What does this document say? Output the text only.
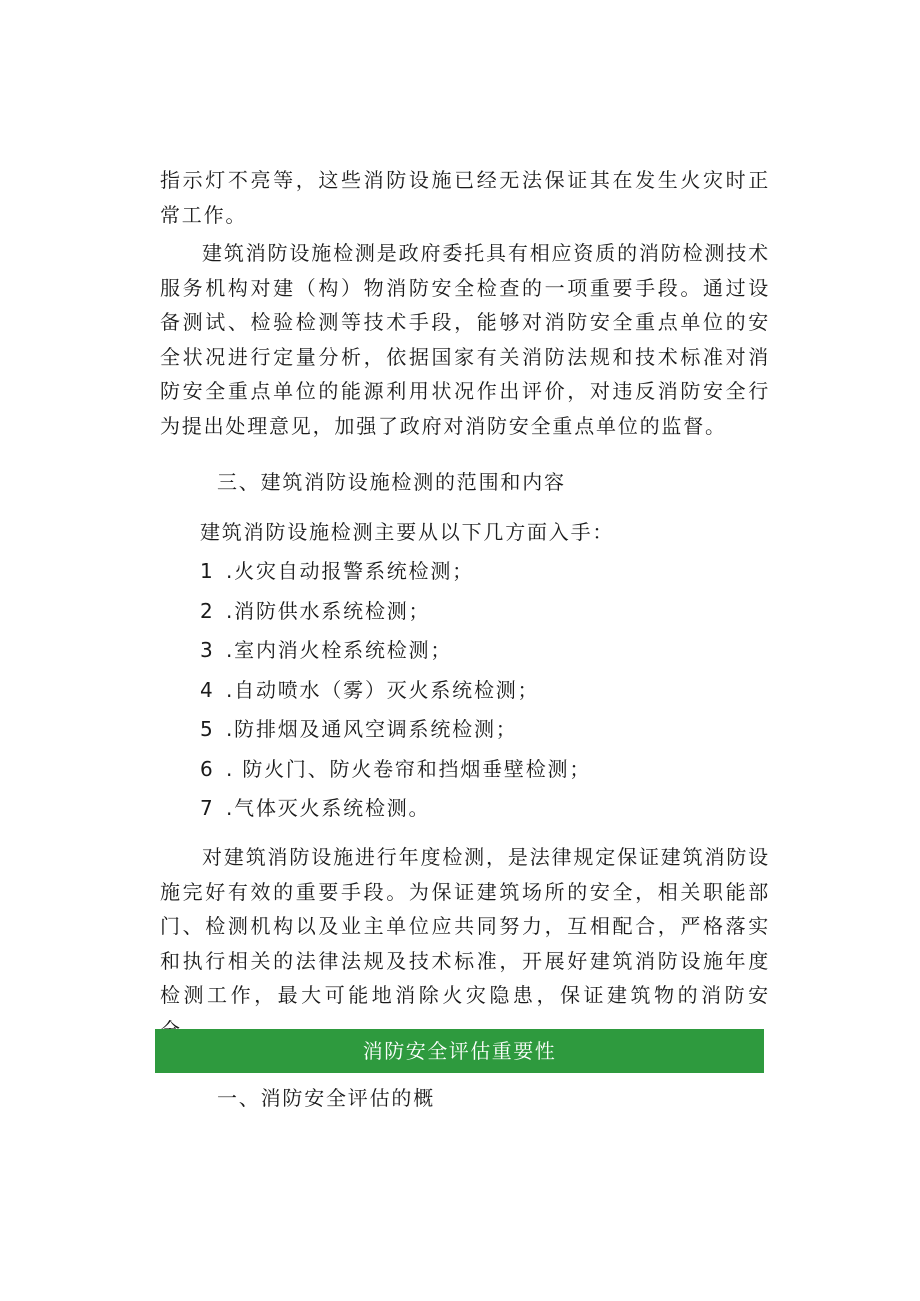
指示灯不亮等，这些消防设施已经无法保证其在发生火灾时正常工作。

建筑消防设施检测是政府委托具有相应资质的消防检测技术服务机构对建（构）物消防安全检查的一项重要手段。通过设备测试、检验检测等技术手段，能够对消防安全重点单位的安全状况进行定量分析，依据国家有关消防法规和技术标准对消防安全重点单位的能源利用状况作出评价，对违反消防安全行为提出处理意见，加强了政府对消防安全重点单位的监督。

三、建筑消防设施检测的范围和内容

建筑消防设施检测主要从以下几方面入手：

1 .火灾自动报警系统检测；
2 .消防供水系统检测；
3 .室内消火栓系统检测；
4 .自动喷水（雾）灭火系统检测；
5 .防排烟及通风空调系统检测；
6 . 防火门、防火卷帘和挡烟垂壁检测；
7 .气体灭火系统检测。

对建筑消防设施进行年度检测，是法律规定保证建筑消防设施完好有效的重要手段。为保证建筑场所的安全，相关职能部门、检测机构以及业主单位应共同努力，互相配合，严格落实和执行相关的法律法规及技术标准，开展好建筑消防设施年度检测工作，最大可能地消除火灾隐患，保证建筑物的消防安

消防安全评估重要性

一、消防安全评估的概
